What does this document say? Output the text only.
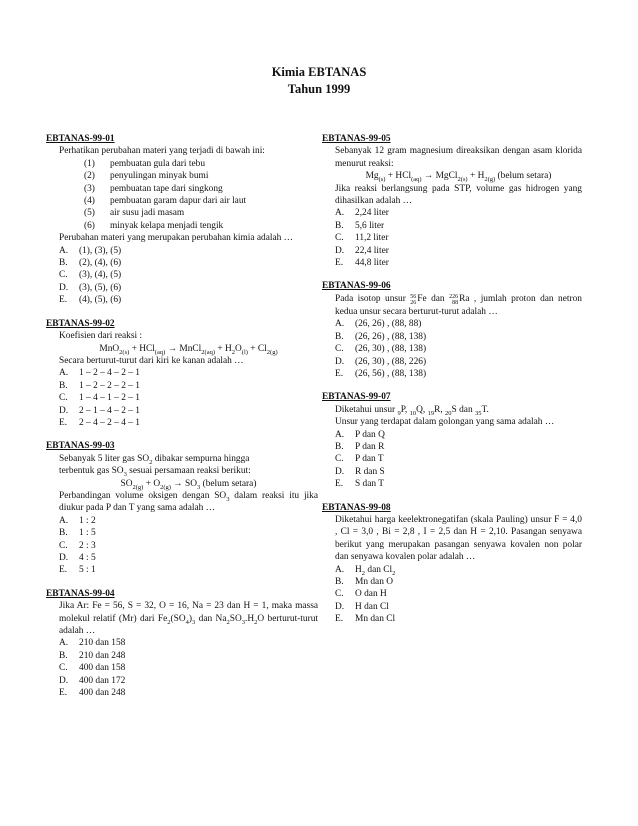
Kimia EBTANAS
Tahun 1999
EBTANAS-99-01
Perhatikan perubahan materi yang terjadi di bawah ini:
(1)	pembuatan gula dari tebu
(2)	penyulingan minyak bumi
(3)	pembuatan tape dari singkong
(4)	pembuatan garam dapur dari air laut
(5)	air susu jadi masam
(6)	minyak kelapa menjadi tengik
Perubahan materi yang merupakan perubahan kimia adalah …
A.	(1), (3), (5)
B.	(2), (4), (6)
C.	(3), (4), (5)
D.	(3), (5), (6)
E.	(4), (5), (6)
EBTANAS-99-02
Koefisien dari reaksi :
MnO$_{2(s)}$ + HCl$_{(aq)}$ → MnCl$_{2(aq)}$ + $H_2O_{(l)} + Cl_{2(g)}$
Secara berturut-turut dari kiri ke kanan adalah …
A.	1 – 2 – 4 – 2 – 1
B.	1 – 2 – 2 – 2 – 1
C.	1 – 4 – 1 – 2 – 1
D.	2 – 1 – 4 – 2 – 1
E.	2 – 4 – 2 – 4 – 1
EBTANAS-99-03
Sebanyak 5 liter gas $SO_2$ dibakar sempurna hingga
terbentuk gas $SO_3$ sesuai persamaan reaksi berikut:
$SO_{2(g)} + O_{2(g)} \to SO_3$ (belum setara)
Perbandingan volume oksigen dengan $SO_3$ dalam reaksi itu jika diukur pada P dan T yang sama adalah …
A.	1 : 2
B.	1 : 5
C.	2 : 3
D.	4 : 5
E.	5 : 1
EBTANAS-99-04
Jika Ar: Fe = 56, S = 32, O = 16, Na = 23 dan H = 1, maka massa molekul relatif (Mr) dari $Fe_2(SO_4)_3$ dan $Na_2SO_3.H_2O$ berturut-turut adalah …
A.	210 dan 158
B.	210 dan 248
C.	400 dan 158
D.	400 dan 172
E.	400 dan 248
EBTANAS-99-05
Sebanyak 12 gram magnesium direaksikan dengan asam klorida menurut reaksi:
$Mg_{(s)} + HCl_{(aq)}$ → MgCl$_{2(s)}$ + $H_{2(g)}$ (belum setara)
Jika reaksi berlangsung pada STP, volume gas hidrogen yang dihasilkan adalah …
A.	2,24 liter
B.	5,6 liter
C.	11,2 liter
D.	22,4 liter
E.	44,8 liter
EBTANAS-99-06
Pada isotop unsur 56
26Fe dan 226
88Ra , jumlah proton dan netron kedua unsur secara berturut-turut adalah …
A.	(26, 26) , (88, 88)
B.	(26, 26) , (88, 138)
C.	(26, 30) , (88, 138)
D.	(26, 30) , (88, 226)
E.	(26, 56) , (88, 138)
EBTANAS-99-07
Diketahui unsur $_9$P, $_{10}$Q, $_{19}$R, $_{20}$S dan $_{35}$T.
Unsur yang terdapat dalam golongan yang sama adalah …
A.	P dan Q
B.	P dan R
C.	P dan T
D.	R dan S
E.	S dan T
EBTANAS-99-08
Diketahui harga keelektronegatifan (skala Pauling) unsur F = 4,0 , Cl = 3,0 , Bi = 2,8 , I = 2,5 dan H = 2,10. Pasangan senyawa berikut yang merupakan pasangan senyawa kovalen non polar dan senyawa kovalen polar adalah …
A.	$H_2$ dan $Cl_2$
B.	Mn dan O
C.	O dan H
D.	H dan Cl
E.	Mn dan Cl
